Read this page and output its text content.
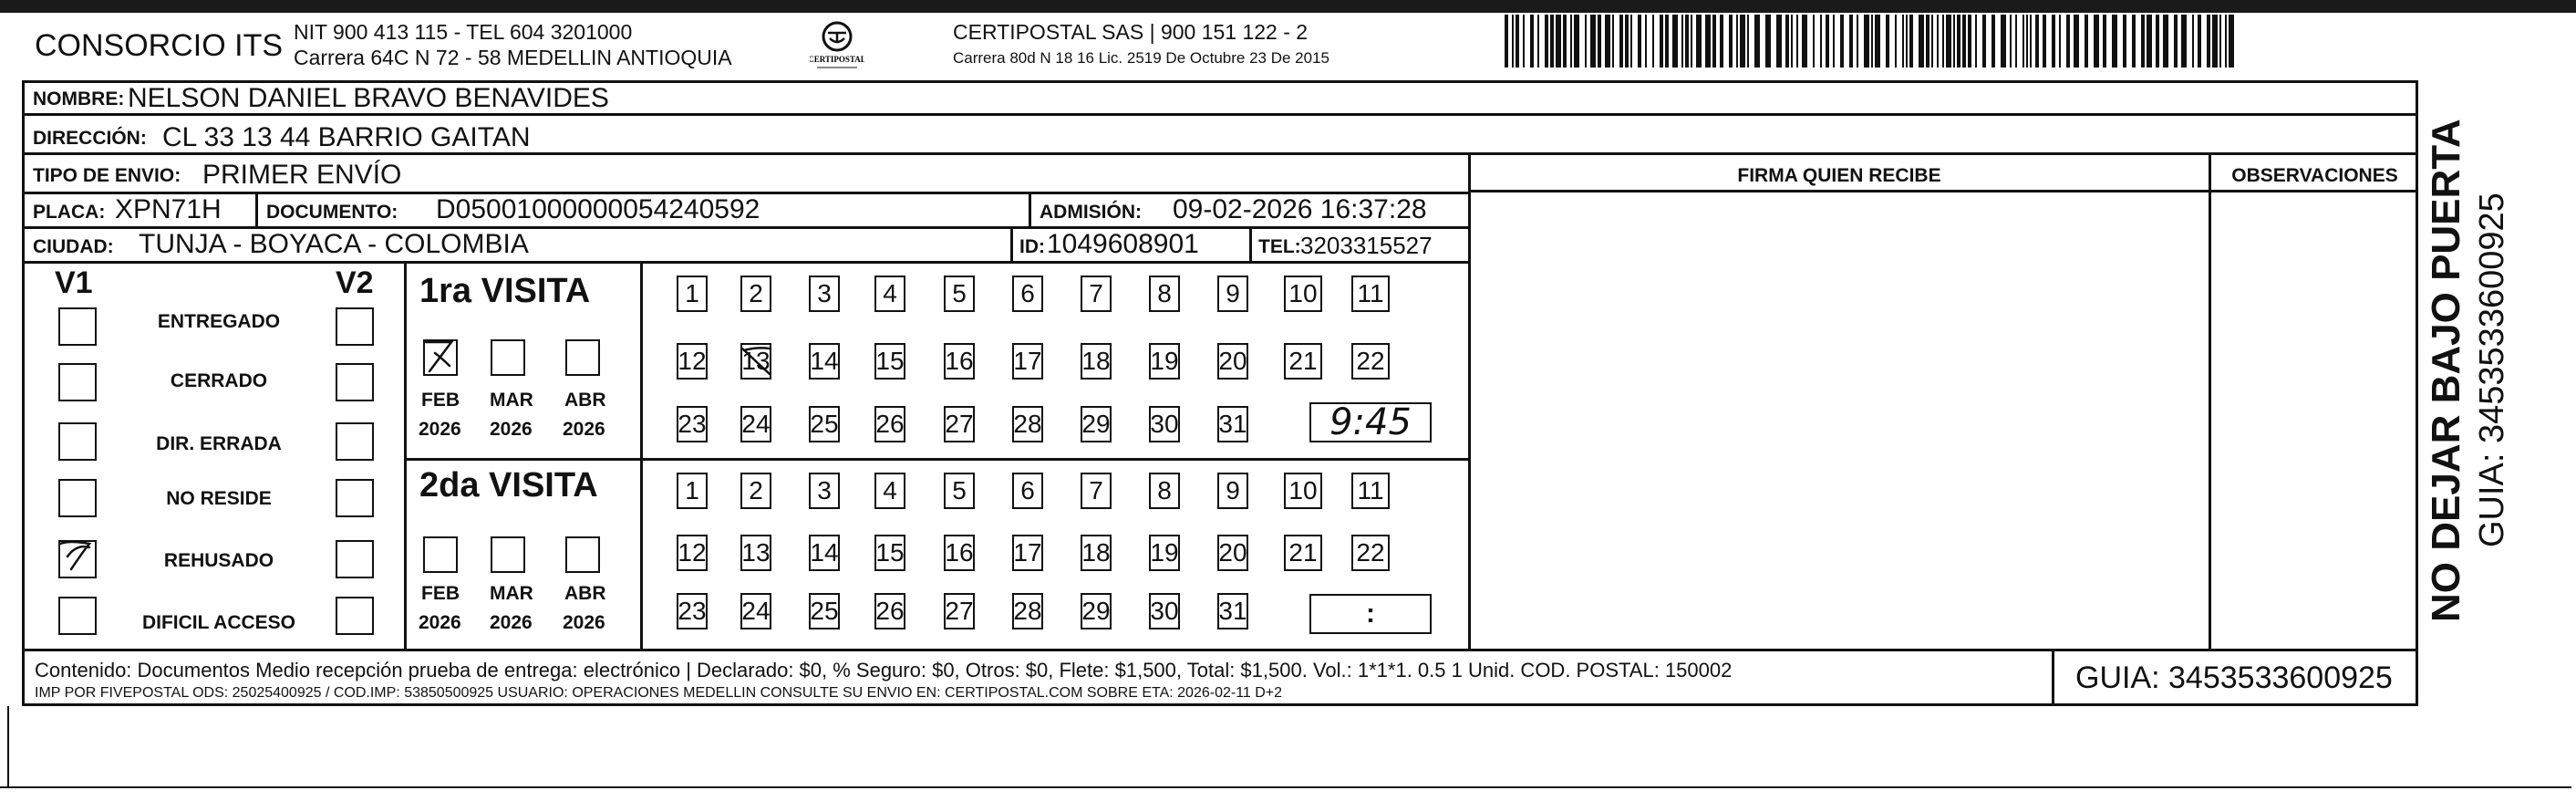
CONSORCIO ITS NIT 900 413 115 - TEL 604 3201000
Carrera 64C N 72 - 58 MEDELLIN ANTIOQUIA	CERTIPOSTAL
CERTIPOSTAL SAS | 900 151 122 - 2
Carrera 80d N 18 16 Lic. 2519 De Octubre 23 De 2015
NOMBRE: NELSON DANIEL BRAVO BENAVIDES
DIRECCIÓN: CL 33 13 44 BARRIO GAITAN
TIPO DE ENVIO: PRIMER ENVÍO
PLACA: XPN71H DOCUMENTO: D05001000000054240592	ADMISIÓN: 09-02-2026 16:37:28
CIUDAD: TUNJA - BOYACA - COLOMBIA	ID: 1049608901	TEL: 3203315527
FIRMA QUIEN RECIBE	OBSERVACIONES
V1	V2
ENTREGADO
CERRADO
DIR. ERRADA
NO RESIDE
REHUSADO
DIFICIL ACCESO
1ra VISITA
2da VISITA
FEB MAR ABR
2026 2026 2026
FEB MAR ABR
2026 2026 2026
1	2	3	4	5	6	7	8	9	10 11
12 13 14 15 16 17 18 19 20 21 22
23 24 25 26 27 28 29 30 31
1	2	3	4	5	6	7	8	9	10 11
12 13 14 15 16 17 18 19 20 21 22
23 24 25 26 27 28 29 30 31
9:45
:
Contenido: Documentos Medio recepción prueba de entrega: electrónico | Declarado: $0, % Seguro: $0, Otros: $0, Flete: $1,500, Total: $1,500. Vol.: 1*1*1. 0.5 1 Unid. COD. POSTAL: 150002
IMP POR FIVEPOSTAL ODS: 25025400925 / COD.IMP: 53850500925 USUARIO: OPERACIONES MEDELLIN CONSULTE SU ENVIO EN: CERTIPOSTAL.COM SOBRE ETA: 2026-02-11 D+2	GUIA: 3453533600925
NO DEJAR BAJO PUERTA GUIA: 3453533600925
